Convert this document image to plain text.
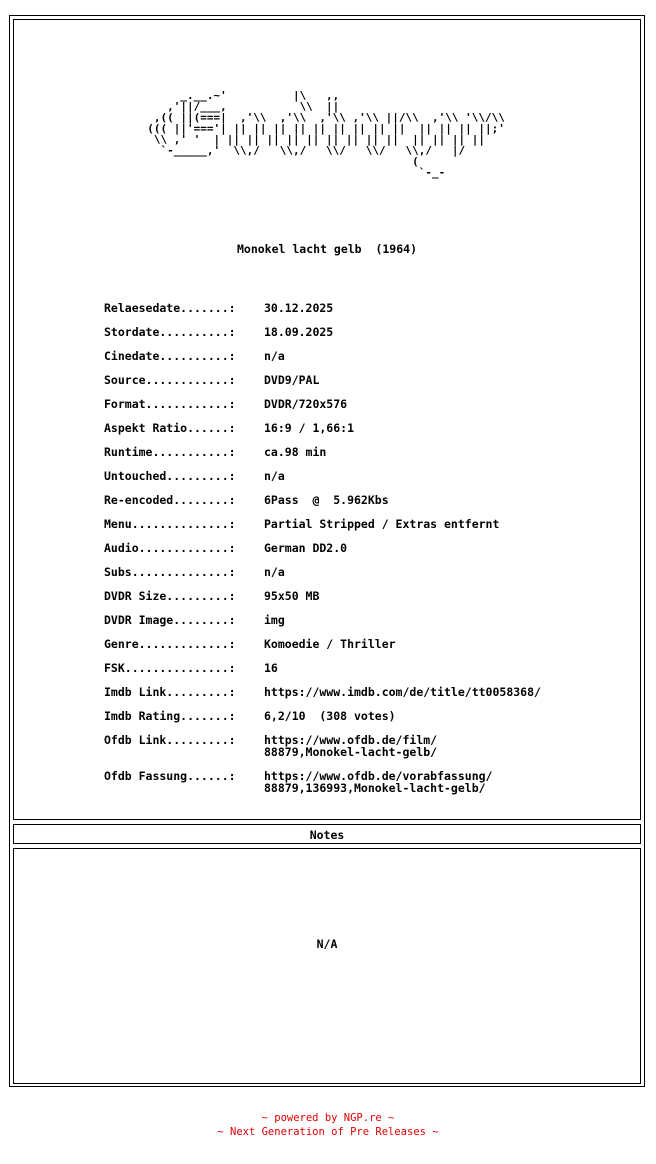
_.__.~'          |\   ,,
,'||/___,           \\  ||
,(( ||(===|  ,'\\  ,'\\  ,'\\ ,'\\ ||/\\  ,'\\ '\\/\\
((( ||'==='| || || || || || || || || ||  || || || ||;'
\\ ,' '  | || || || || || || || || ||  || || || ||
`-_____,'  \\,/   \\,/   \\/   \\/   \\,/   |/
(
`-_-
Monokel lacht gelb  (1964)
Relaesedate.......:	30.12.2025
Stordate..........:	18.09.2025
Cinedate..........:	n/a
Source............:	DVD9/PAL
Format............:	DVDR/720x576
Aspekt Ratio......:	16:9 / 1,66:1
Runtime...........:	ca.98 min
Untouched.........:	n/a
Re-encoded........:	6Pass  @  5.962Kbs
Menu..............:	Partial Stripped / Extras entfernt
Audio.............:	German DD2.0
Subs..............:	n/a
DVDR Size.........:	95x50 MB
DVDR Image........:	img
Genre.............:	Komoedie / Thriller
FSK...............:	16
Imdb Link.........:	https://www.imdb.com/de/title/tt0058368/
Imdb Rating.......:	6,2/10  (308 votes)
Ofdb Link.........:	https://www.ofdb.de/film/
88879,Monokel-lacht-gelb/
Ofdb Fassung......:	https://www.ofdb.de/vorabfassung/
88879,136993,Monokel-lacht-gelb/
Notes
N/A
~ powered by NGP.re ~
~ Next Generation of Pre Releases ~
